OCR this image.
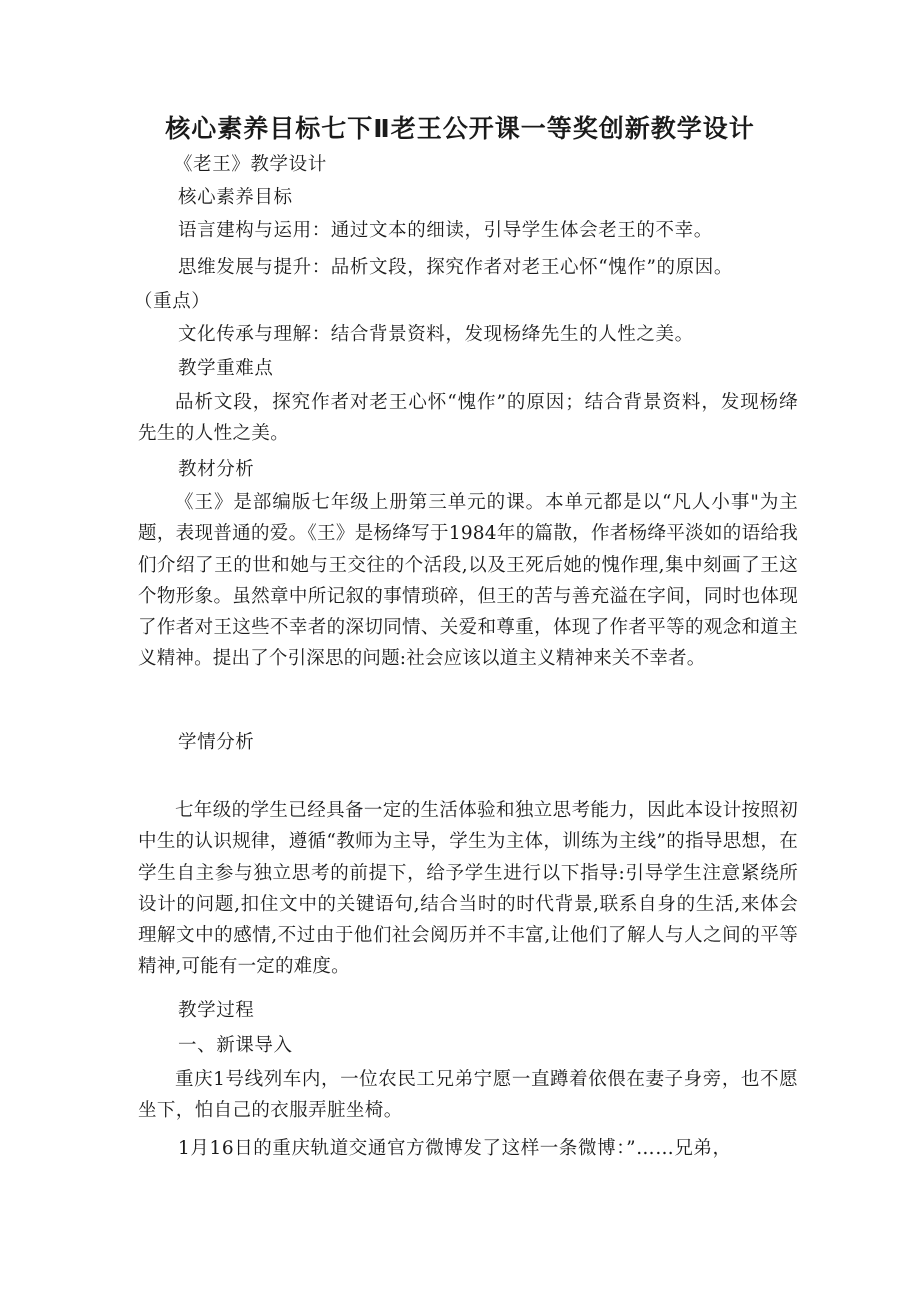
核心素养目标七下Ⅱ老王公开课一等奖创新教学设计
《老王》教学设计
核心素养目标
语言建构与运用：通过文本的细读，引导学生体会老王的不幸。
思维发展与提升：品析文段，探究作者对老王心怀“愧作”的原因。
（重点）
文化传承与理解：结合背景资料，发现杨绛先生的人性之美。
教学重难点
品析文段，探究作者对老王心怀“愧作”的原因；结合背景资料，发现杨绛先生的人性之美。
教材分析
《王》是部编版七年级上册第三单元的课。本单元都是以“凡人小事"为主题，表现普通的爱。《王》是杨绛写于1984年的篇散，作者杨绛平淡如的语给我们介绍了王的世和她与王交往的个活段,以及王死后她的愧作理,集中刻画了王这个物形象。虽然章中所记叙的事情琐碎，但王的苦与善充溢在字间，同时也体现了作者对王这些不幸者的深切同情、关爱和尊重，体现了作者平等的观念和道主义精神。提出了个引深思的问题:社会应该以道主义精神来关不幸者。
学情分析
七年级的学生已经具备一定的生活体验和独立思考能力，因此本设计按照初中生的认识规律，遵循“教师为主导，学生为主体，训练为主线”的指导思想，在学生自主参与独立思考的前提下，给予学生进行以下指导:引导学生注意紧绕所设计的问题,扣住文中的关键语句,结合当时的时代背景,联系自身的生活,来体会理解文中的感情,不过由于他们社会阅历并不丰富,让他们了解人与人之间的平等精神,可能有一定的难度。
教学过程
一、新课导入
重庆1号线列车内，一位农民工兄弟宁愿一直蹲着依偎在妻子身旁，也不愿坐下，怕自己的衣服弄脏坐椅。
1月16日的重庆轨道交通官方微博发了这样一条微博：”……兄弟，
